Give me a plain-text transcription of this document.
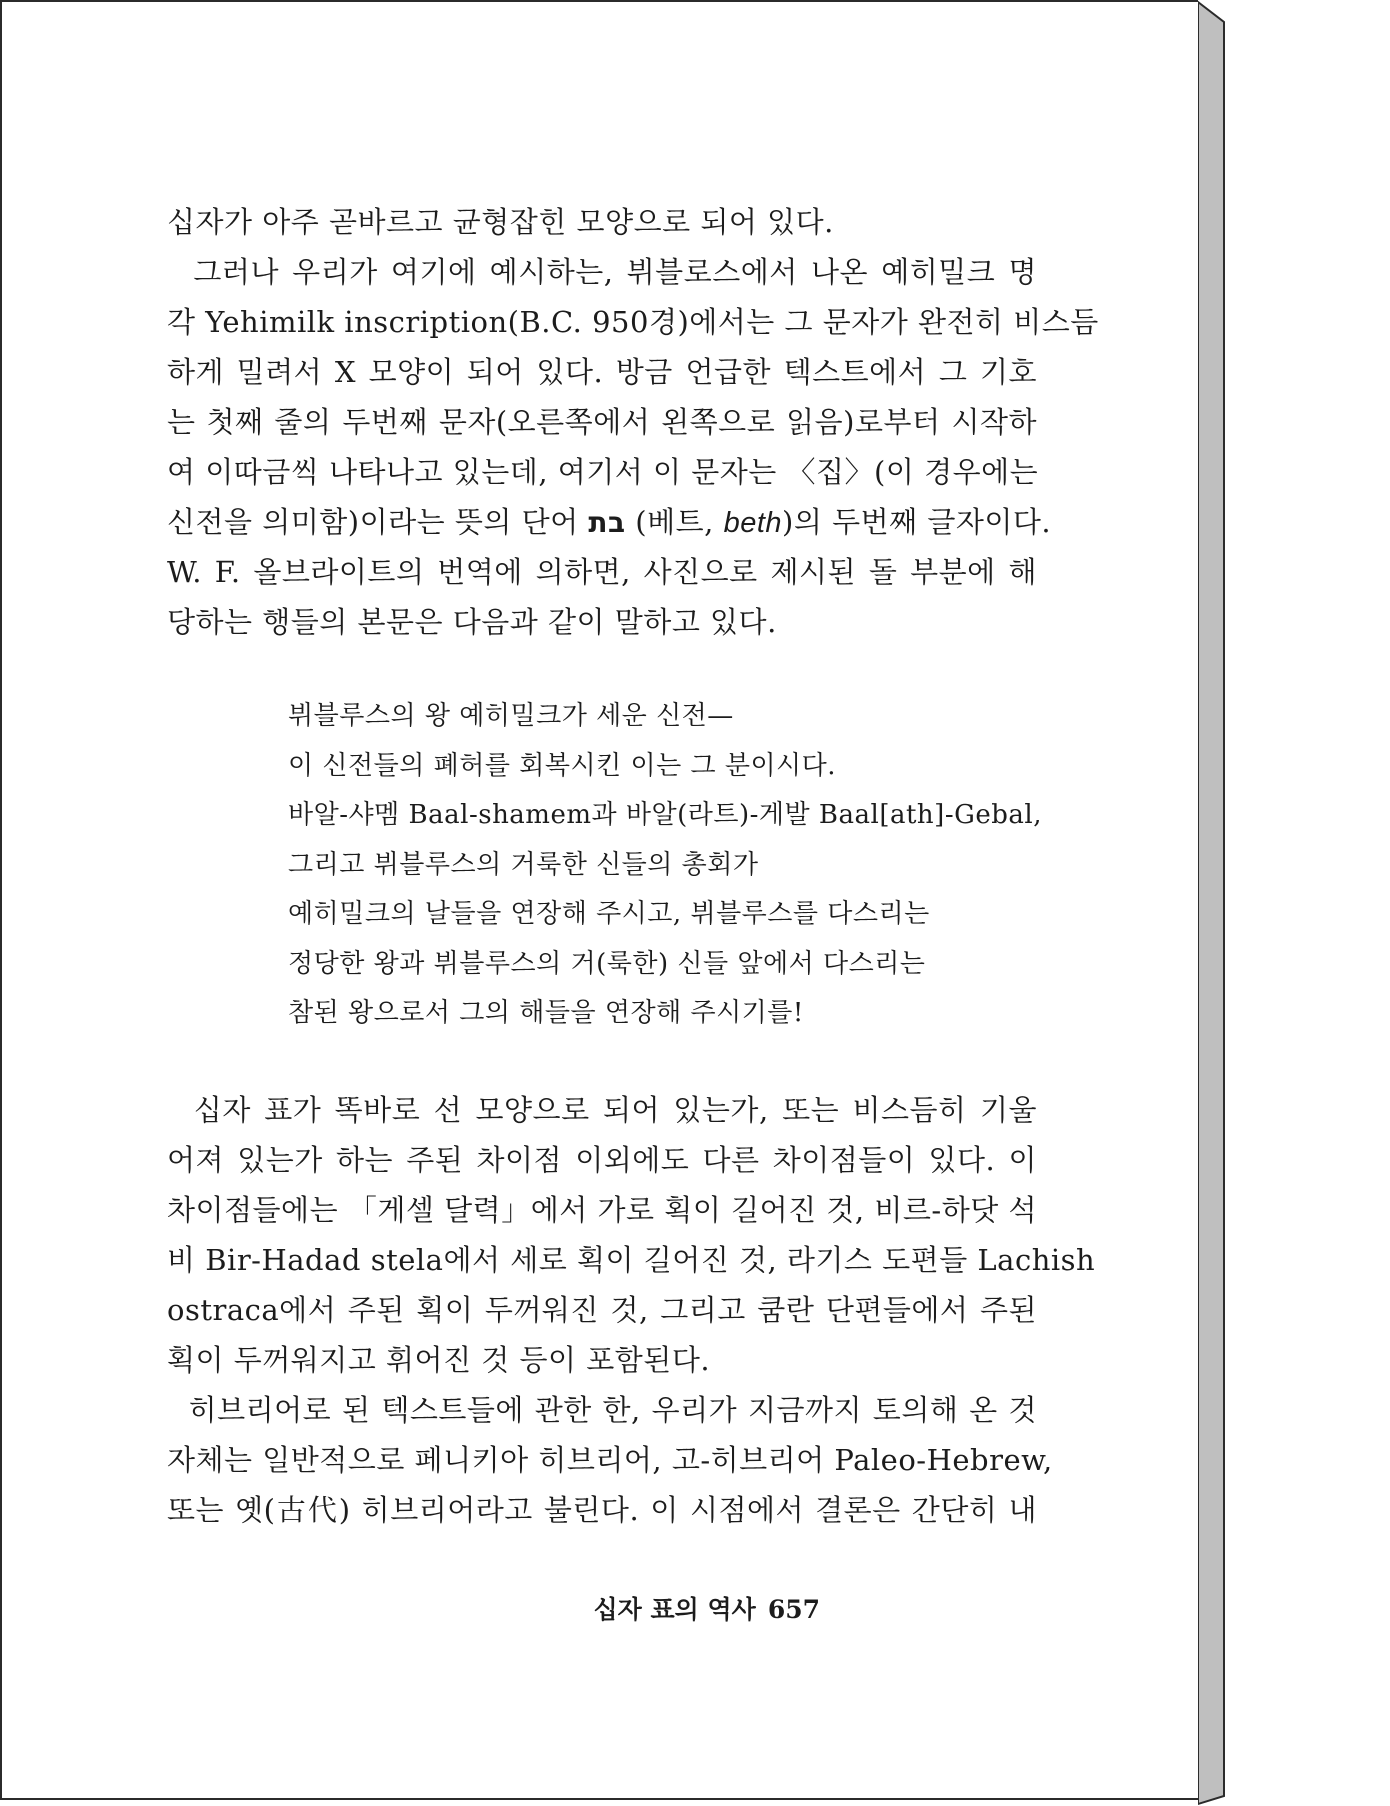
십자가 아주 곧바르고 균형잡힌 모양으로 되어 있다.
그러나 우리가 여기에 예시하는, 뷔블로스에서 나온 예히밀크 명
각 Yehimilk inscription(B.C. 950경)에서는 그 문자가 완전히 비스듬
하게 밀려서 X 모양이 되어 있다. 방금 언급한 텍스트에서 그 기호
는 첫째 줄의 두번째 문자(오른쪽에서 왼쪽으로 읽음)로부터 시작하
여 이따금씩 나타나고 있는데, 여기서 이 문자는 〈집〉(이 경우에는
신전을 의미함)이라는 뜻의 단어 בת (베트, beth)의 두번째 글자이다.
W. F. 올브라이트의 번역에 의하면, 사진으로 제시된 돌 부분에 해
당하는 행들의 본문은 다음과 같이 말하고 있다.
뷔블루스의 왕 예히밀크가 세운 신전—
이 신전들의 폐허를 회복시킨 이는 그 분이시다.
바알-샤멤 Baal-shamem과 바알(라트)-게발 Baal[ath]-Gebal,
그리고 뷔블루스의 거룩한 신들의 총회가
예히밀크의 날들을 연장해 주시고, 뷔블루스를 다스리는
정당한 왕과 뷔블루스의 거(룩한) 신들 앞에서 다스리는
참된 왕으로서 그의 해들을 연장해 주시기를!
십자 표가 똑바로 선 모양으로 되어 있는가, 또는 비스듬히 기울
어져 있는가 하는 주된 차이점 이외에도 다른 차이점들이 있다. 이
차이점들에는 「게셀 달력」에서 가로 획이 길어진 것, 비르-하닷 석
비 Bir-Hadad stela에서 세로 획이 길어진 것, 라기스 도편들 Lachish
ostraca에서 주된 획이 두꺼워진 것, 그리고 쿰란 단편들에서 주된
획이 두꺼워지고 휘어진 것 등이 포함된다.
히브리어로 된 텍스트들에 관한 한, 우리가 지금까지 토의해 온 것
자체는 일반적으로 페니키아 히브리어, 고-히브리어 Paleo-Hebrew,
또는 옛(古代) 히브리어라고 불린다. 이 시점에서 결론은 간단히 내
십자 표의 역사 657
